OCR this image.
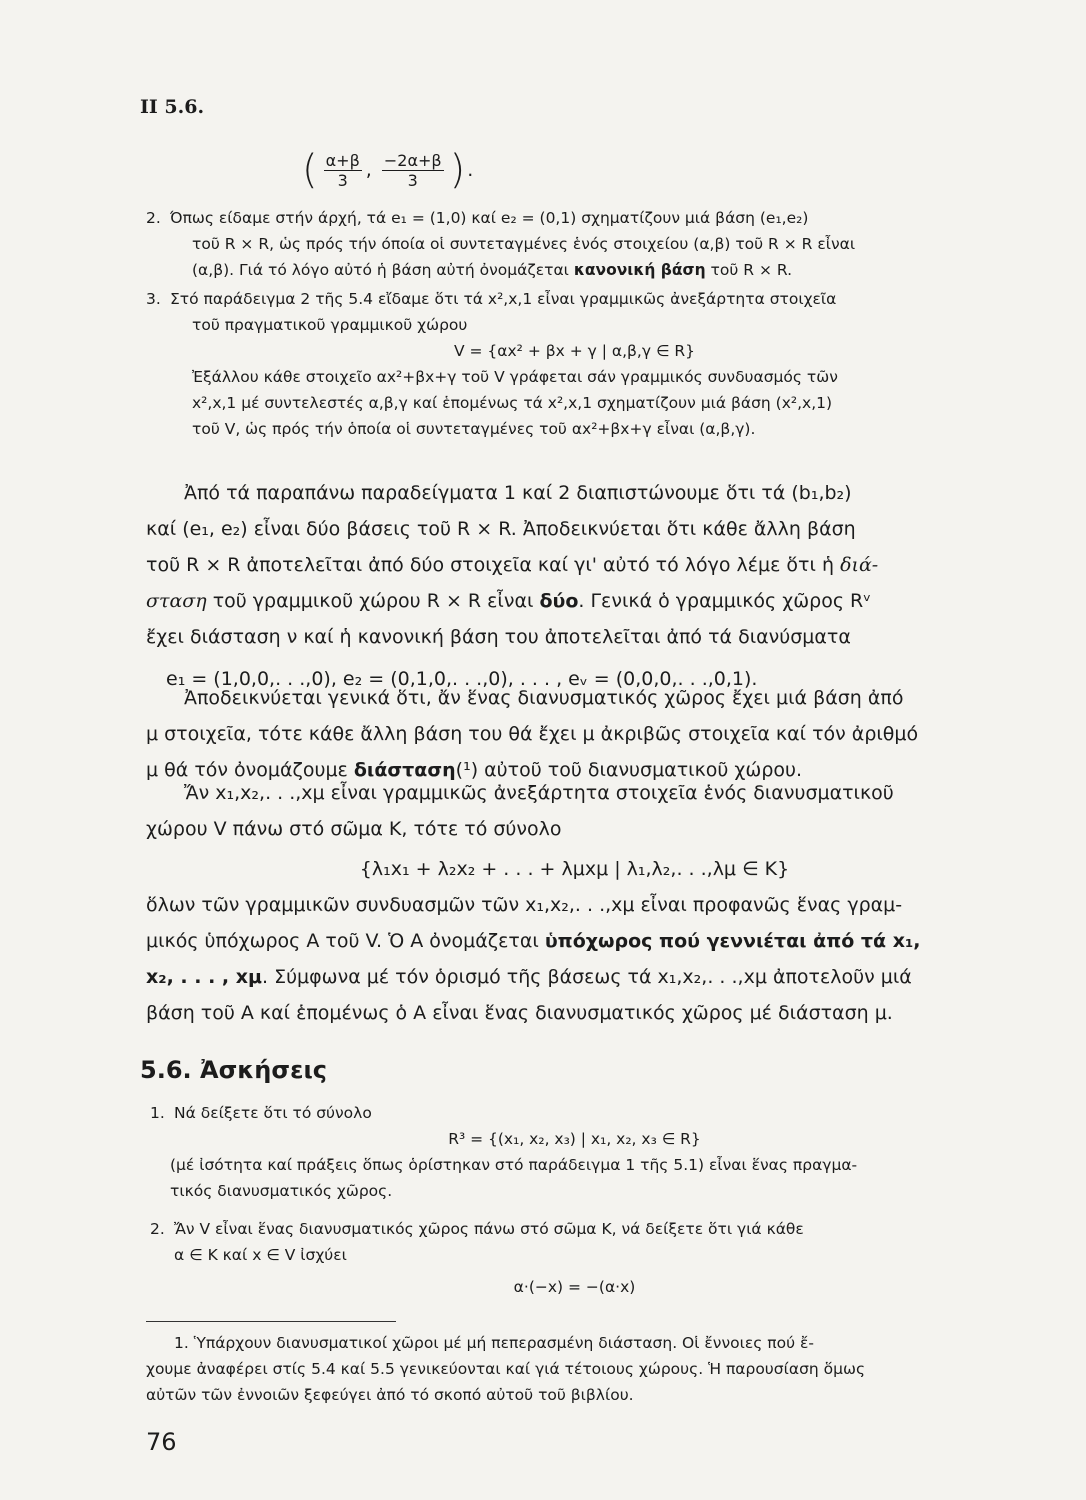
II 5.6.
( $\frac{\alpha+\beta}{3}$ , $\frac{-2\alpha+\beta}{3}$ ) .
2. Όπως είδαμε στήν άρχή, τά e₁ = (1,0) καί e₂ = (0,1) σχηματίζουν μιά βάση (e₁,e₂)
τοῦ R × R, ὡς πρός τήν όποία οἱ συντεταγμένες ἑνός στοιχείου (α,β) τοῦ R × R εἶναι
(α,β). Γιά τό λόγο αὐτό ἡ βάση αὐτή ὀνομάζεται κανονική βάση τοῦ R × R.
3. Στό παράδειγμα 2 τῆς 5.4 εἴδαμε ὅτι τά x²,x,1 εἶναι γραμμικῶς ἀνεξάρτητα στοιχεῖα
τοῦ πραγματικοῦ γραμμικοῦ χώρου
V = {αx² + βx + γ | α,β,γ ∈ R}
Ἐξάλλου κάθε στοιχεῖο αx²+βx+γ τοῦ V γράφεται σάν γραμμικός συνδυασμός τῶν
x²,x,1 μέ συντελεστές α,β,γ καί ἑπομένως τά x²,x,1 σχηματίζουν μιά βάση (x²,x,1)
τοῦ V, ὡς πρός τήν ὁποία οἱ συντεταγμένες τοῦ αx²+βx+γ εἶναι (α,β,γ).
Ἀπό τά παραπάνω παραδείγματα 1 καί 2 διαπιστώνουμε ὅτι τά (b₁,b₂)
καί (e₁, e₂) εἶναι δύο βάσεις τοῦ R × R. Ἀποδεικνύεται ὅτι κάθε ἄλλη βάση
τοῦ R × R ἀποτελεῖται ἀπό δύο στοιχεῖα καί γι' αὐτό τό λόγο λέμε ὅτι ἡ διά-
σταση τοῦ γραμμικοῦ χώρου R × R εἶναι δύο. Γενικά ὁ γραμμικός χῶρος Rᵛ
ἔχει διάσταση ν καί ἡ κανονική βάση του ἀποτελεῖται ἀπό τά διανύσματα
e₁ = (1,0,0,. . .,0), e₂ = (0,1,0,. . .,0), . . . , eᵥ = (0,0,0,. . .,0,1).
Ἀποδεικνύεται γενικά ὅτι, ἄν ἕνας διανυσματικός χῶρος ἔχει μιά βάση ἀπό
μ στοιχεῖα, τότε κάθε ἄλλη βάση του θά ἔχει μ ἀκριβῶς στοιχεῖα καί τόν ἀριθμό
μ θά τόν ὀνομάζουμε διάσταση(¹) αὐτοῦ τοῦ διανυσματικοῦ χώρου.
Ἄν x₁,x₂,. . .,xμ εἶναι γραμμικῶς ἀνεξάρτητα στοιχεῖα ἑνός διανυσματικοῦ
χώρου V πάνω στό σῶμα K, τότε τό σύνολο
{λ₁x₁ + λ₂x₂ + . . . + λμxμ | λ₁,λ₂,. . .,λμ ∈ K}
ὅλων τῶν γραμμικῶν συνδυασμῶν τῶν x₁,x₂,. . .,xμ εἶναι προφανῶς ἕνας γραμ-
μικός ὑπόχωρος A τοῦ V. Ὁ A ὀνομάζεται ὑπόχωρος πού γεννιέται ἀπό τά x₁,
x₂, . . . , xμ. Σύμφωνα μέ τόν ὁρισμό τῆς βάσεως τά x₁,x₂,. . .,xμ ἀποτελοῦν μιά
βάση τοῦ A καί ἑπομένως ὁ A εἶναι ἕνας διανυσματικός χῶρος μέ διάσταση μ.
5.6. Ἀσκήσεις
1. Νά δείξετε ὅτι τό σύνολο
R³ = {(x₁, x₂, x₃) | x₁, x₂, x₃ ∈ R}
(μέ ἰσότητα καί πράξεις ὅπως ὁρίστηκαν στό παράδειγμα 1 τῆς 5.1) εἶναι ἕνας πραγμα-
τικός διανυσματικός χῶρος.
2. Ἄν V εἶναι ἕνας διανυσματικός χῶρος πάνω στό σῶμα K, νά δείξετε ὅτι γιά κάθε
α ∈ K καί x ∈ V ἰσχύει
α·(−x) = −(α·x)
1. Ὑπάρχουν διανυσματικοί χῶροι μέ μή πεπερασμένη διάσταση. Οἱ ἔννοιες πού ἔ-
χουμε ἀναφέρει στίς 5.4 καί 5.5 γενικεύονται καί γιά τέτοιους χώρους. Ἡ παρουσίαση ὅμως
αὐτῶν τῶν ἐννοιῶν ξεφεύγει ἀπό τό σκοπό αὐτοῦ τοῦ βιβλίου.
76
